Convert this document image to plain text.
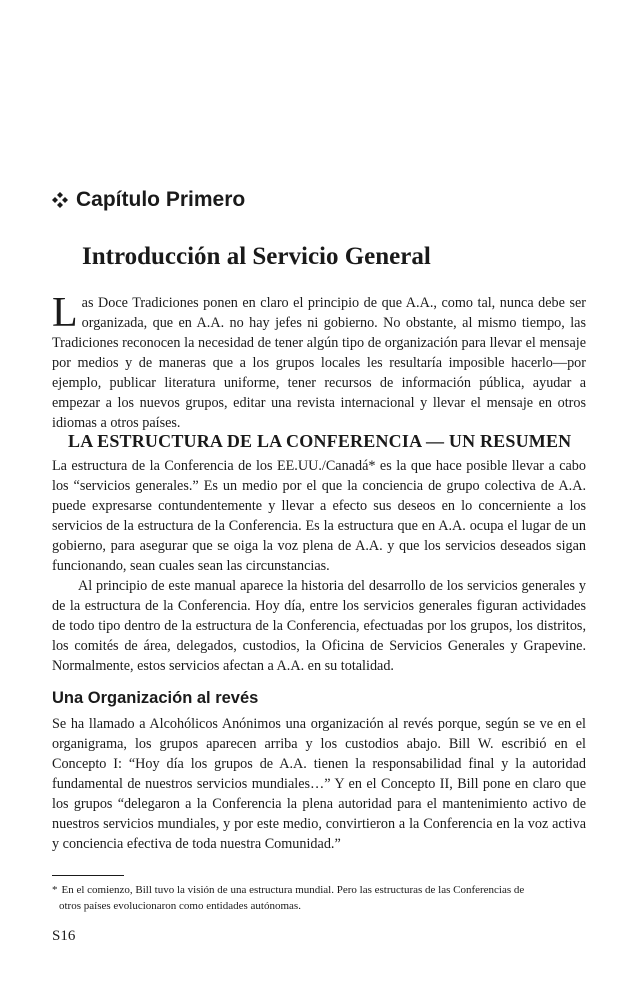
Capítulo Primero
Introducción al Servicio General
Las Doce Tradiciones ponen en claro el principio de que A.A., como tal, nunca debe ser organizada, que en A.A. no hay jefes ni gobierno. No obstante, al mismo tiempo, las Tradiciones reconocen la necesidad de tener algún tipo de organización para llevar el mensaje por medios y de maneras que a los grupos locales les resultaría imposible hacerlo—por ejemplo, publicar literatura uniforme, tener recursos de información pública, ayudar a empezar a los nuevos grupos, editar una revista internacional y llevar el mensaje en otros idiomas a otros países.
LA ESTRUCTURA DE LA CONFERENCIA — UN RESUMEN

La estructura de la Conferencia de los EE.UU./Canadá* es la que hace posible llevar a cabo los “servicios generales.” Es un medio por el que la conciencia de grupo colectiva de A.A. puede expresarse contundentemente y llevar a efecto sus deseos en lo concerniente a los servicios de la estructura de la Conferencia. Es la estructura que en A.A. ocupa el lugar de un gobierno, para asegurar que se oiga la voz plena de A.A. y que los servicios deseados sigan funcionando, sean cuales sean las circunstancias.

Al principio de este manual aparece la historia del desarrollo de los servicios generales y de la estructura de la Conferencia. Hoy día, entre los servicios generales figuran actividades de todo tipo dentro de la estructura de la Conferencia, efectuadas por los grupos, los distritos, los comités de área, delegados, custodios, la Oficina de Servicios Generales y Grapevine. Normalmente, estos servicios afectan a A.A. en su totalidad.

Una Organización al revés

Se ha llamado a Alcohólicos Anónimos una organización al revés porque, según se ve en el organigrama, los grupos aparecen arriba y los custodios abajo. Bill W. escribió en el Concepto I: “Hoy día los grupos de A.A. tienen la responsabilidad final y la autoridad fundamental de nuestros servicios mundiales…” Y en el Concepto II, Bill pone en claro que los grupos “delegaron a la Conferencia la plena autoridad para el mantenimiento activo de nuestros servicios mundiales, y por este medio, convirtieron a la Conferencia en la voz activa y conciencia efectiva de toda nuestra Comunidad.”

* En el comienzo, Bill tuvo la visión de una estructura mundial. Pero las estructuras de las Conferencias de
otros países evolucionaron como entidades autónomas.
S16
